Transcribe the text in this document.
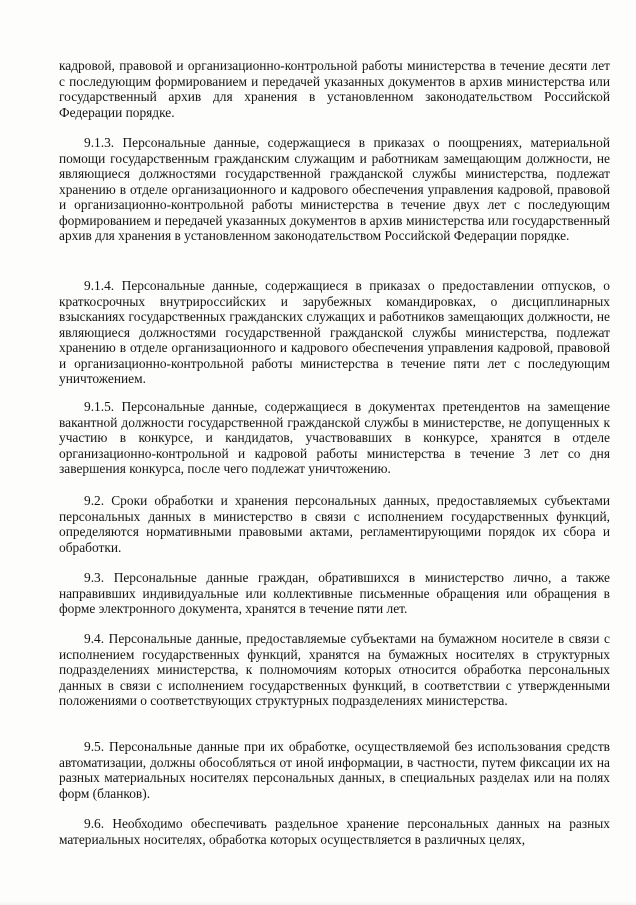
кадровой, правовой и организационно-контрольной работы министерства в течение десяти лет с последующим формированием и передачей указанных документов в архив министерства или государственный архив для хранения в установленном законодательством Российской Федерации порядке.

9.1.3. Персональные данные, содержащиеся в приказах о поощрениях, материальной помощи государственным гражданским служащим и работникам замещающим должности, не являющиеся должностями государственной гражданской службы министерства, подлежат хранению в отделе организационного и кадрового обеспечения управления кадровой, правовой и организационно-контрольной работы министерства в течение двух лет с последующим формированием и передачей указанных документов в архив министерства или государственный архив для хранения в установленном законодательством Российской Федерации порядке.

9.1.4. Персональные данные, содержащиеся в приказах о предоставлении отпусков, о краткосрочных внутрироссийских и зарубежных командировках, о дисциплинарных взысканиях государственных гражданских служащих и работников замещающих должности, не являющиеся должностями государственной гражданской службы министерства, подлежат хранению в отделе организационного и кадрового обеспечения управления кадровой, правовой и организационно-контрольной работы министерства в течение пяти лет с последующим уничтожением.

9.1.5. Персональные данные, содержащиеся в документах претендентов на замещение вакантной должности государственной гражданской службы в министерстве, не допущенных к участию в конкурсе, и кандидатов, участвовавших в конкурсе, хранятся в отделе организационно-контрольной и кадровой работы министерства в течение 3 лет со дня завершения конкурса, после чего подлежат уничтожению.

9.2. Сроки обработки и хранения персональных данных, предоставляемых субъектами персональных данных в министерство в связи с исполнением государственных функций, определяются нормативными правовыми актами, регламентирующими порядок их сбора и обработки.

9.3. Персональные данные граждан, обратившихся в министерство лично, а также направивших индивидуальные или коллективные письменные обращения или обращения в форме электронного документа, хранятся в течение пяти лет.

9.4. Персональные данные, предоставляемые субъектами на бумажном носителе в связи с исполнением государственных функций, хранятся на бумажных носителях в структурных подразделениях министерства, к полномочиям которых относится обработка персональных данных в связи с исполнением государственных функций, в соответствии с утвержденными положениями о соответствующих структурных подразделениях министерства.

9.5. Персональные данные при их обработке, осуществляемой без использования средств автоматизации, должны обособляться от иной информации, в частности, путем фиксации их на разных материальных носителях персональных данных, в специальных разделах или на полях форм (бланков).

9.6. Необходимо обеспечивать раздельное хранение персональных данных на разных материальных носителях, обработка которых осуществляется в различных целях,
